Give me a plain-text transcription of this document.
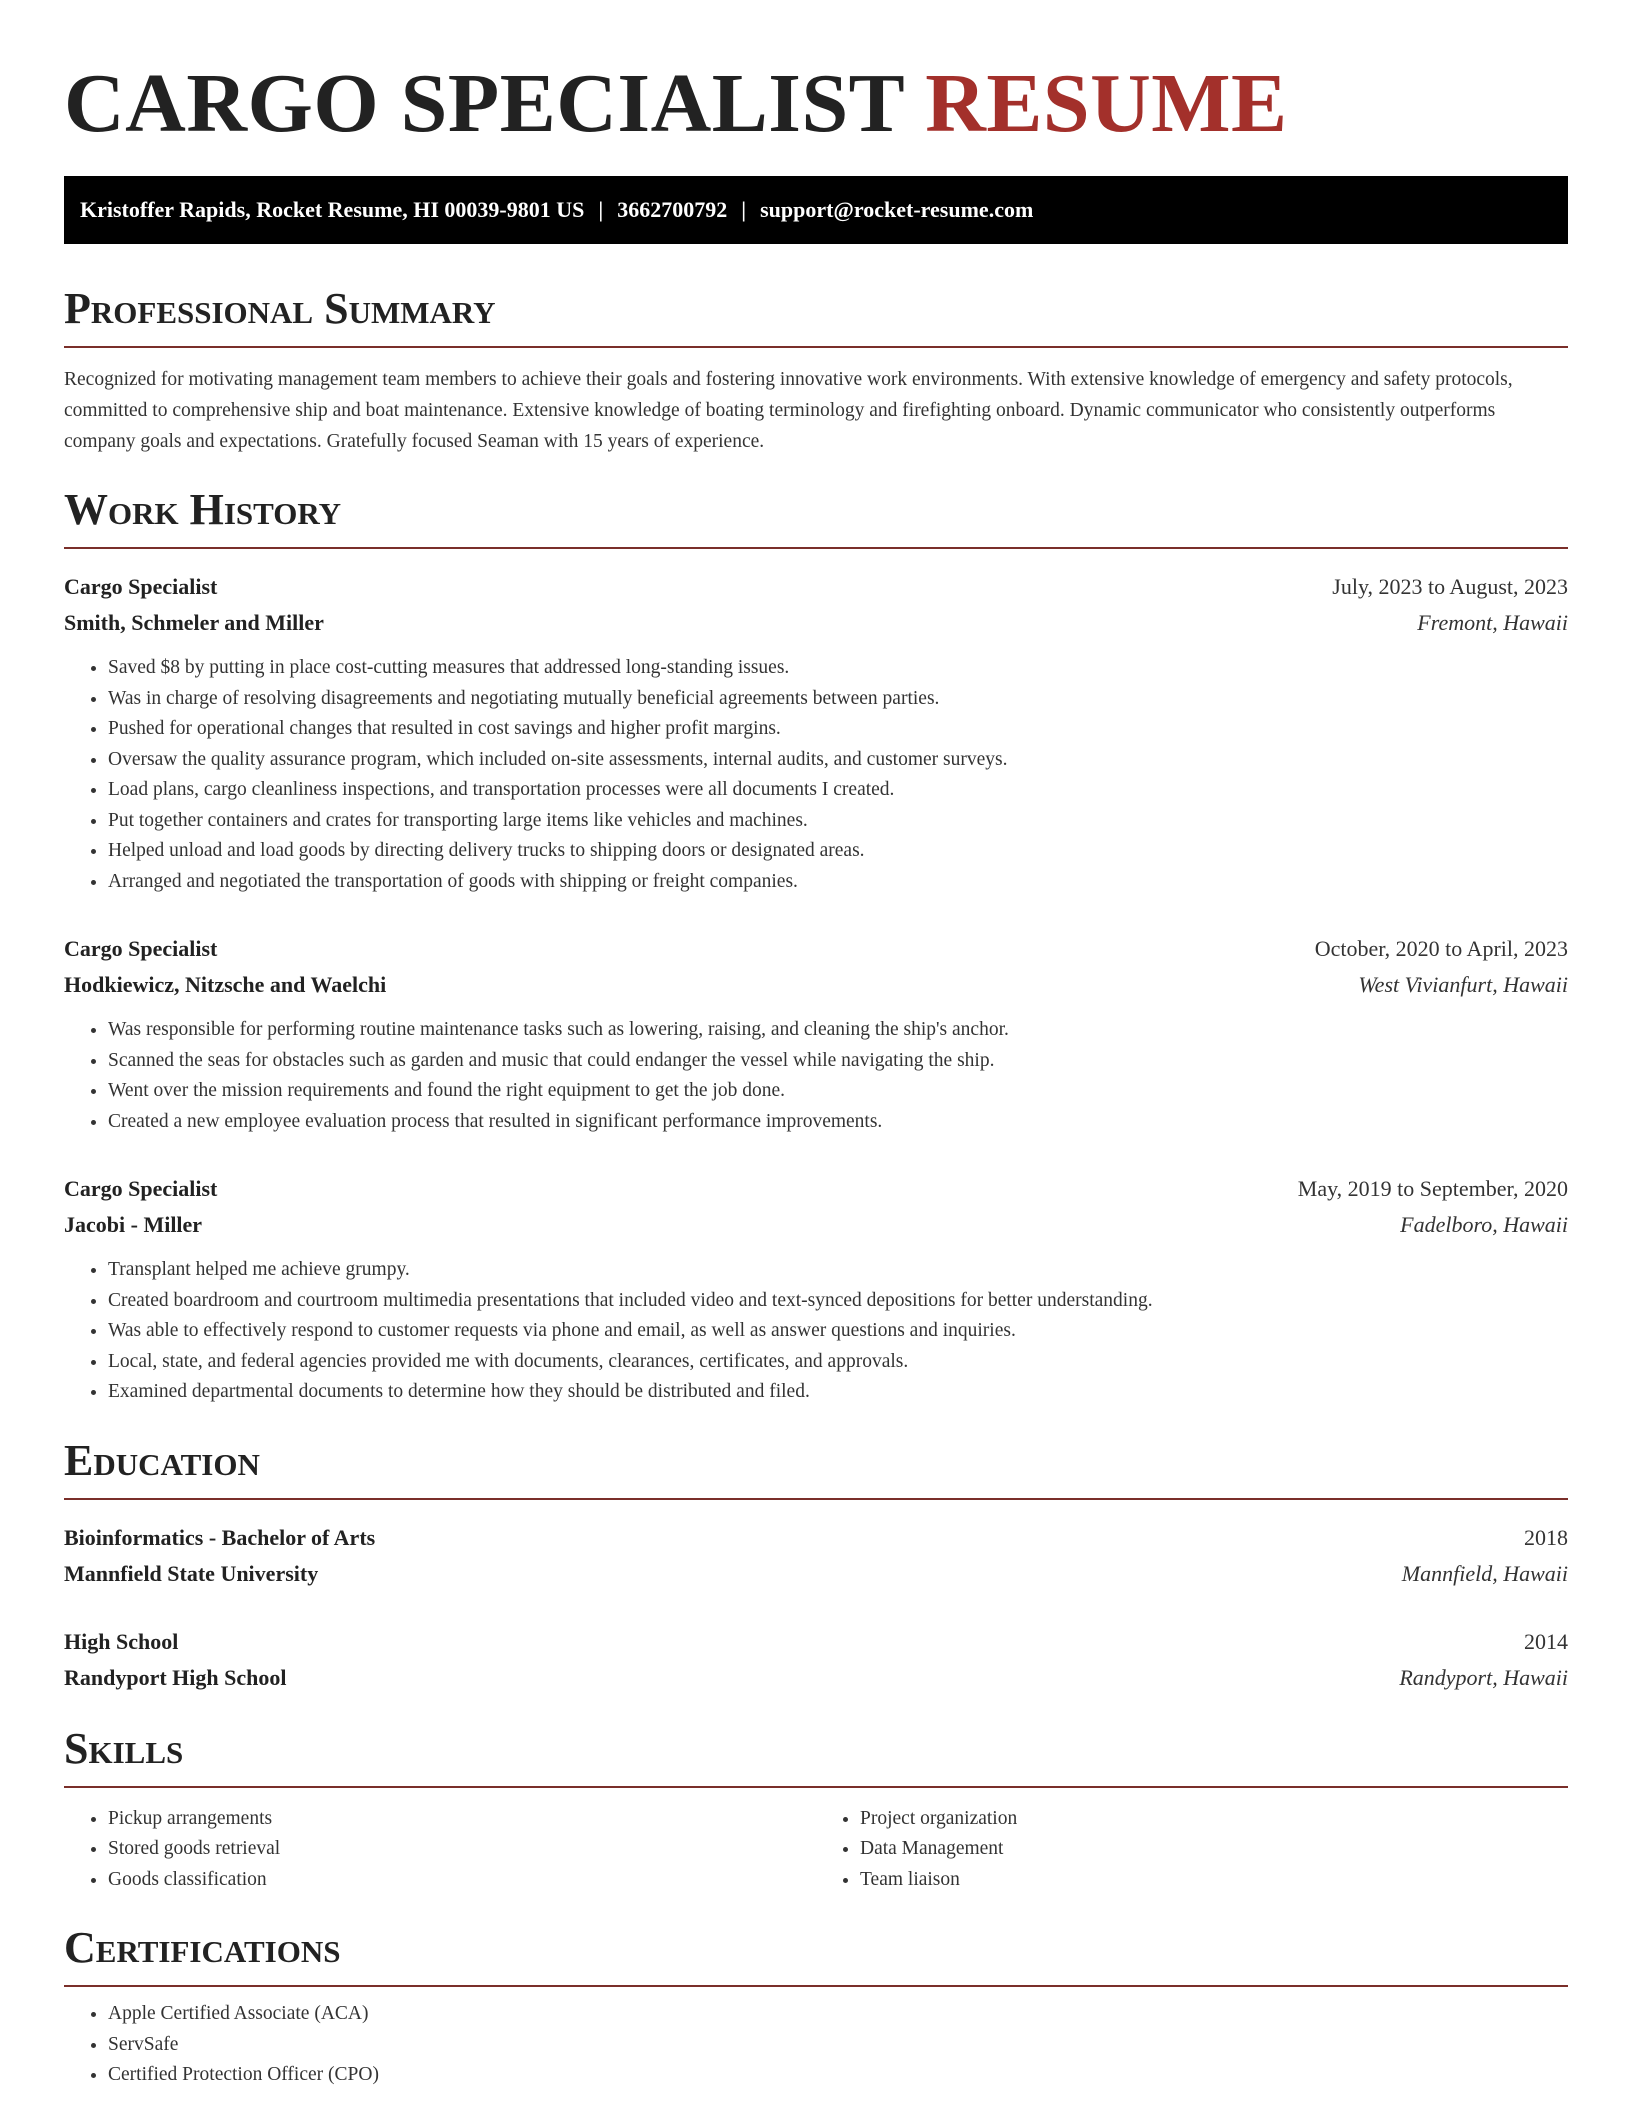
CARGO SPECIALIST RESUME
Kristoffer Rapids, Rocket Resume, HI 00039-9801 US | 3662700792 | support@rocket-resume.com
Professional Summary
Recognized for motivating management team members to achieve their goals and fostering innovative work environments. With extensive knowledge of emergency and safety protocols, committed to comprehensive ship and boat maintenance. Extensive knowledge of boating terminology and firefighting onboard. Dynamic communicator who consistently outperforms company goals and expectations. Gratefully focused Seaman with 15 years of experience.
Work History
Cargo Specialist	July, 2023 to August, 2023
Smith, Schmeler and Miller	Fremont, Hawaii
• Saved $8 by putting in place cost-cutting measures that addressed long-standing issues.
• Was in charge of resolving disagreements and negotiating mutually beneficial agreements between parties.
• Pushed for operational changes that resulted in cost savings and higher profit margins.
• Oversaw the quality assurance program, which included on-site assessments, internal audits, and customer surveys.
• Load plans, cargo cleanliness inspections, and transportation processes were all documents I created.
• Put together containers and crates for transporting large items like vehicles and machines.
• Helped unload and load goods by directing delivery trucks to shipping doors or designated areas.
• Arranged and negotiated the transportation of goods with shipping or freight companies.
Cargo Specialist	October, 2020 to April, 2023
Hodkiewicz, Nitzsche and Waelchi	West Vivianfurt, Hawaii
• Was responsible for performing routine maintenance tasks such as lowering, raising, and cleaning the ship's anchor.
• Scanned the seas for obstacles such as garden and music that could endanger the vessel while navigating the ship.
• Went over the mission requirements and found the right equipment to get the job done.
• Created a new employee evaluation process that resulted in significant performance improvements.
Cargo Specialist	May, 2019 to September, 2020
Jacobi - Miller	Fadelboro, Hawaii
• Transplant helped me achieve grumpy.
• Created boardroom and courtroom multimedia presentations that included video and text-synced depositions for better understanding.
• Was able to effectively respond to customer requests via phone and email, as well as answer questions and inquiries.
• Local, state, and federal agencies provided me with documents, clearances, certificates, and approvals.
• Examined departmental documents to determine how they should be distributed and filed.
Education
Bioinformatics - Bachelor of Arts	2018
Mannfield State University	Mannfield, Hawaii
High School	2014
Randyport High School	Randyport, Hawaii
Skills
• Pickup arrangements
• Stored goods retrieval
• Goods classification
• Project organization
• Data Management
• Team liaison
Certifications
• Apple Certified Associate (ACA)
• ServSafe
• Certified Protection Officer (CPO)
